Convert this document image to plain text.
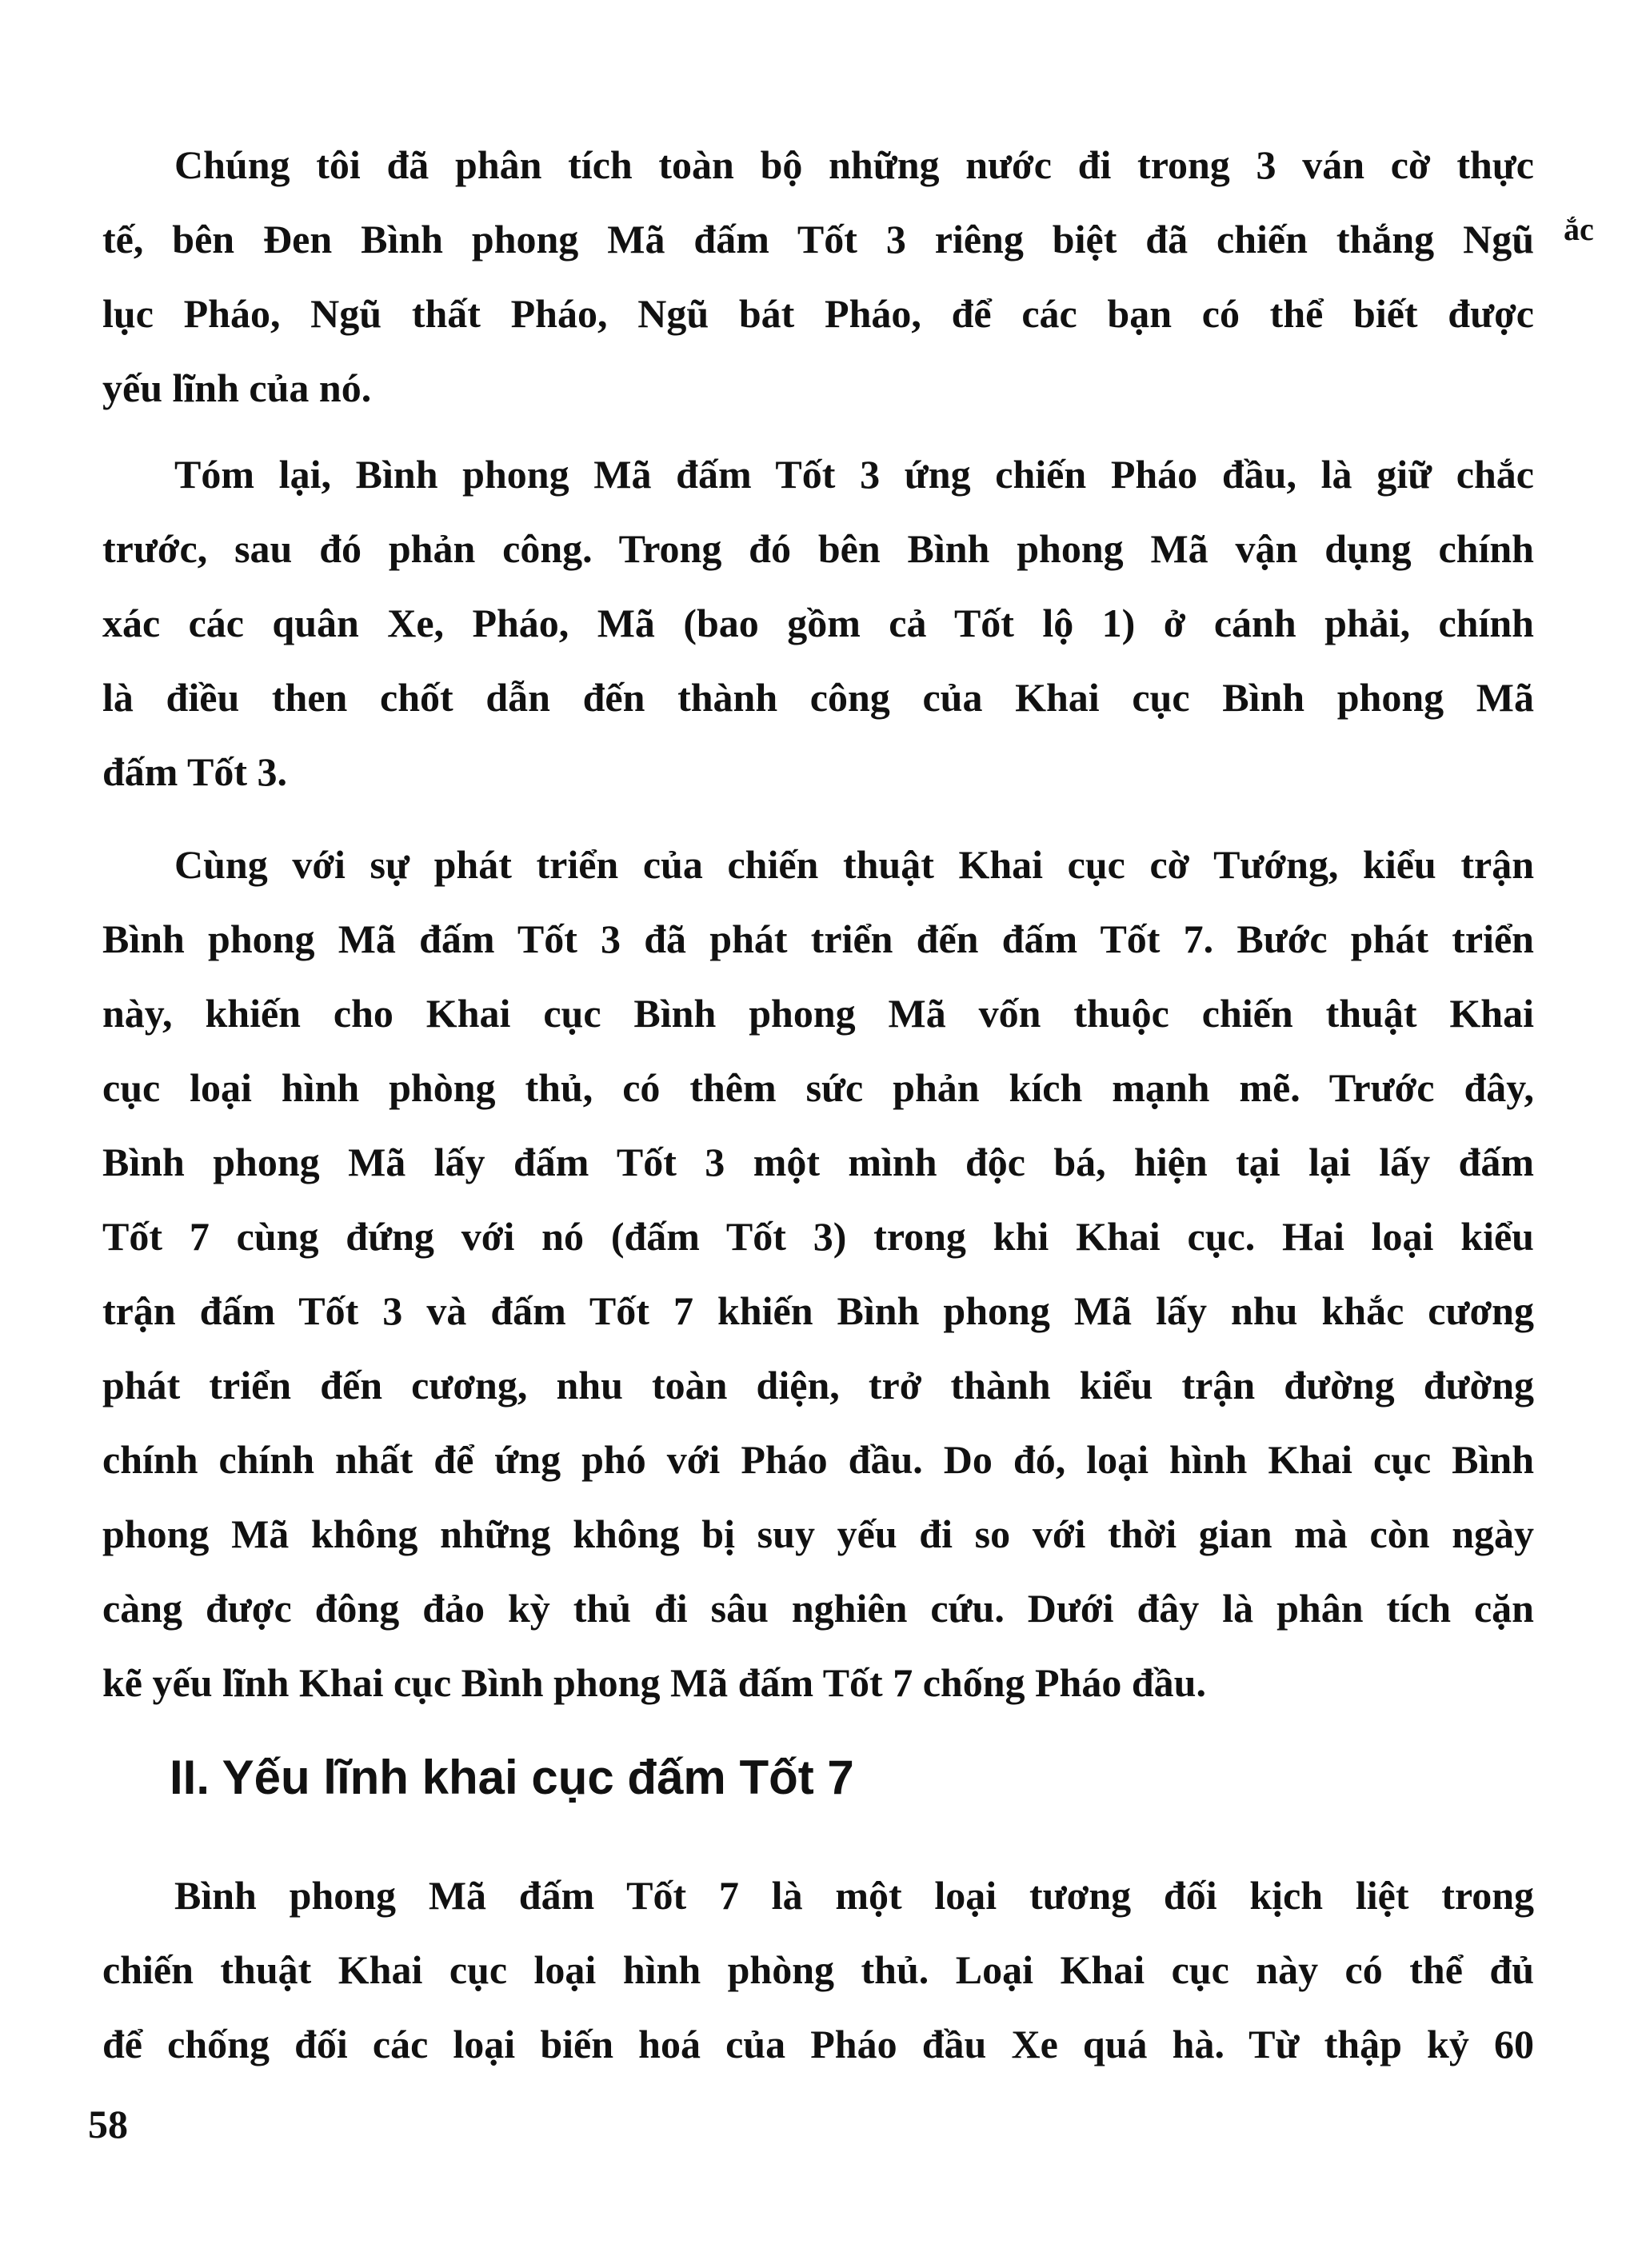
Chúng tôi đã phân tích toàn bộ những nước đi trong 3 ván cờ thực
tế, bên Đen Bình phong Mã đấm Tốt 3 riêng biệt đã chiến thắng Ngũ
lục Pháo, Ngũ thất Pháo, Ngũ bát Pháo, để các bạn có thể biết được
yếu lĩnh của nó.

ắc

Tóm lại, Bình phong Mã đấm Tốt 3 ứng chiến Pháo đầu, là giữ chắc
trước, sau đó phản công. Trong đó bên Bình phong Mã vận dụng chính
xác các quân Xe, Pháo, Mã (bao gồm cả Tốt lộ 1) ở cánh phải, chính
là điều then chốt dẫn đến thành công của Khai cục Bình phong Mã
đấm Tốt 3.

Cùng với sự phát triển của chiến thuật Khai cục cờ Tướng, kiểu trận
Bình phong Mã đấm Tốt 3 đã phát triển đến đấm Tốt 7. Bước phát triển
này, khiến cho Khai cục Bình phong Mã vốn thuộc chiến thuật Khai
cục loại hình phòng thủ, có thêm sức phản kích mạnh mẽ. Trước đây,
Bình phong Mã lấy đấm Tốt 3 một mình độc bá, hiện tại lại lấy đấm
Tốt 7 cùng đứng với nó (đấm Tốt 3) trong khi Khai cục. Hai loại kiểu
trận đấm Tốt 3 và đấm Tốt 7 khiến Bình phong Mã lấy nhu khắc cương
phát triển đến cương, nhu toàn diện, trở thành kiểu trận đường đường
chính chính nhất để ứng phó với Pháo đầu. Do đó, loại hình Khai cục Bình
phong Mã không những không bị suy yếu đi so với thời gian mà còn ngày
càng được đông đảo kỳ thủ đi sâu nghiên cứu. Dưới đây là phân tích cặn
kẽ yếu lĩnh Khai cục Bình phong Mã đấm Tốt 7 chống Pháo đầu.

II. Yếu lĩnh khai cục đấm Tốt 7

Bình phong Mã đấm Tốt 7 là một loại tương đối kịch liệt trong
chiến thuật Khai cục loại hình phòng thủ. Loại Khai cục này có thể đủ
để chống đối các loại biến hoá của Pháo đầu Xe quá hà. Từ thập kỷ 60

58
